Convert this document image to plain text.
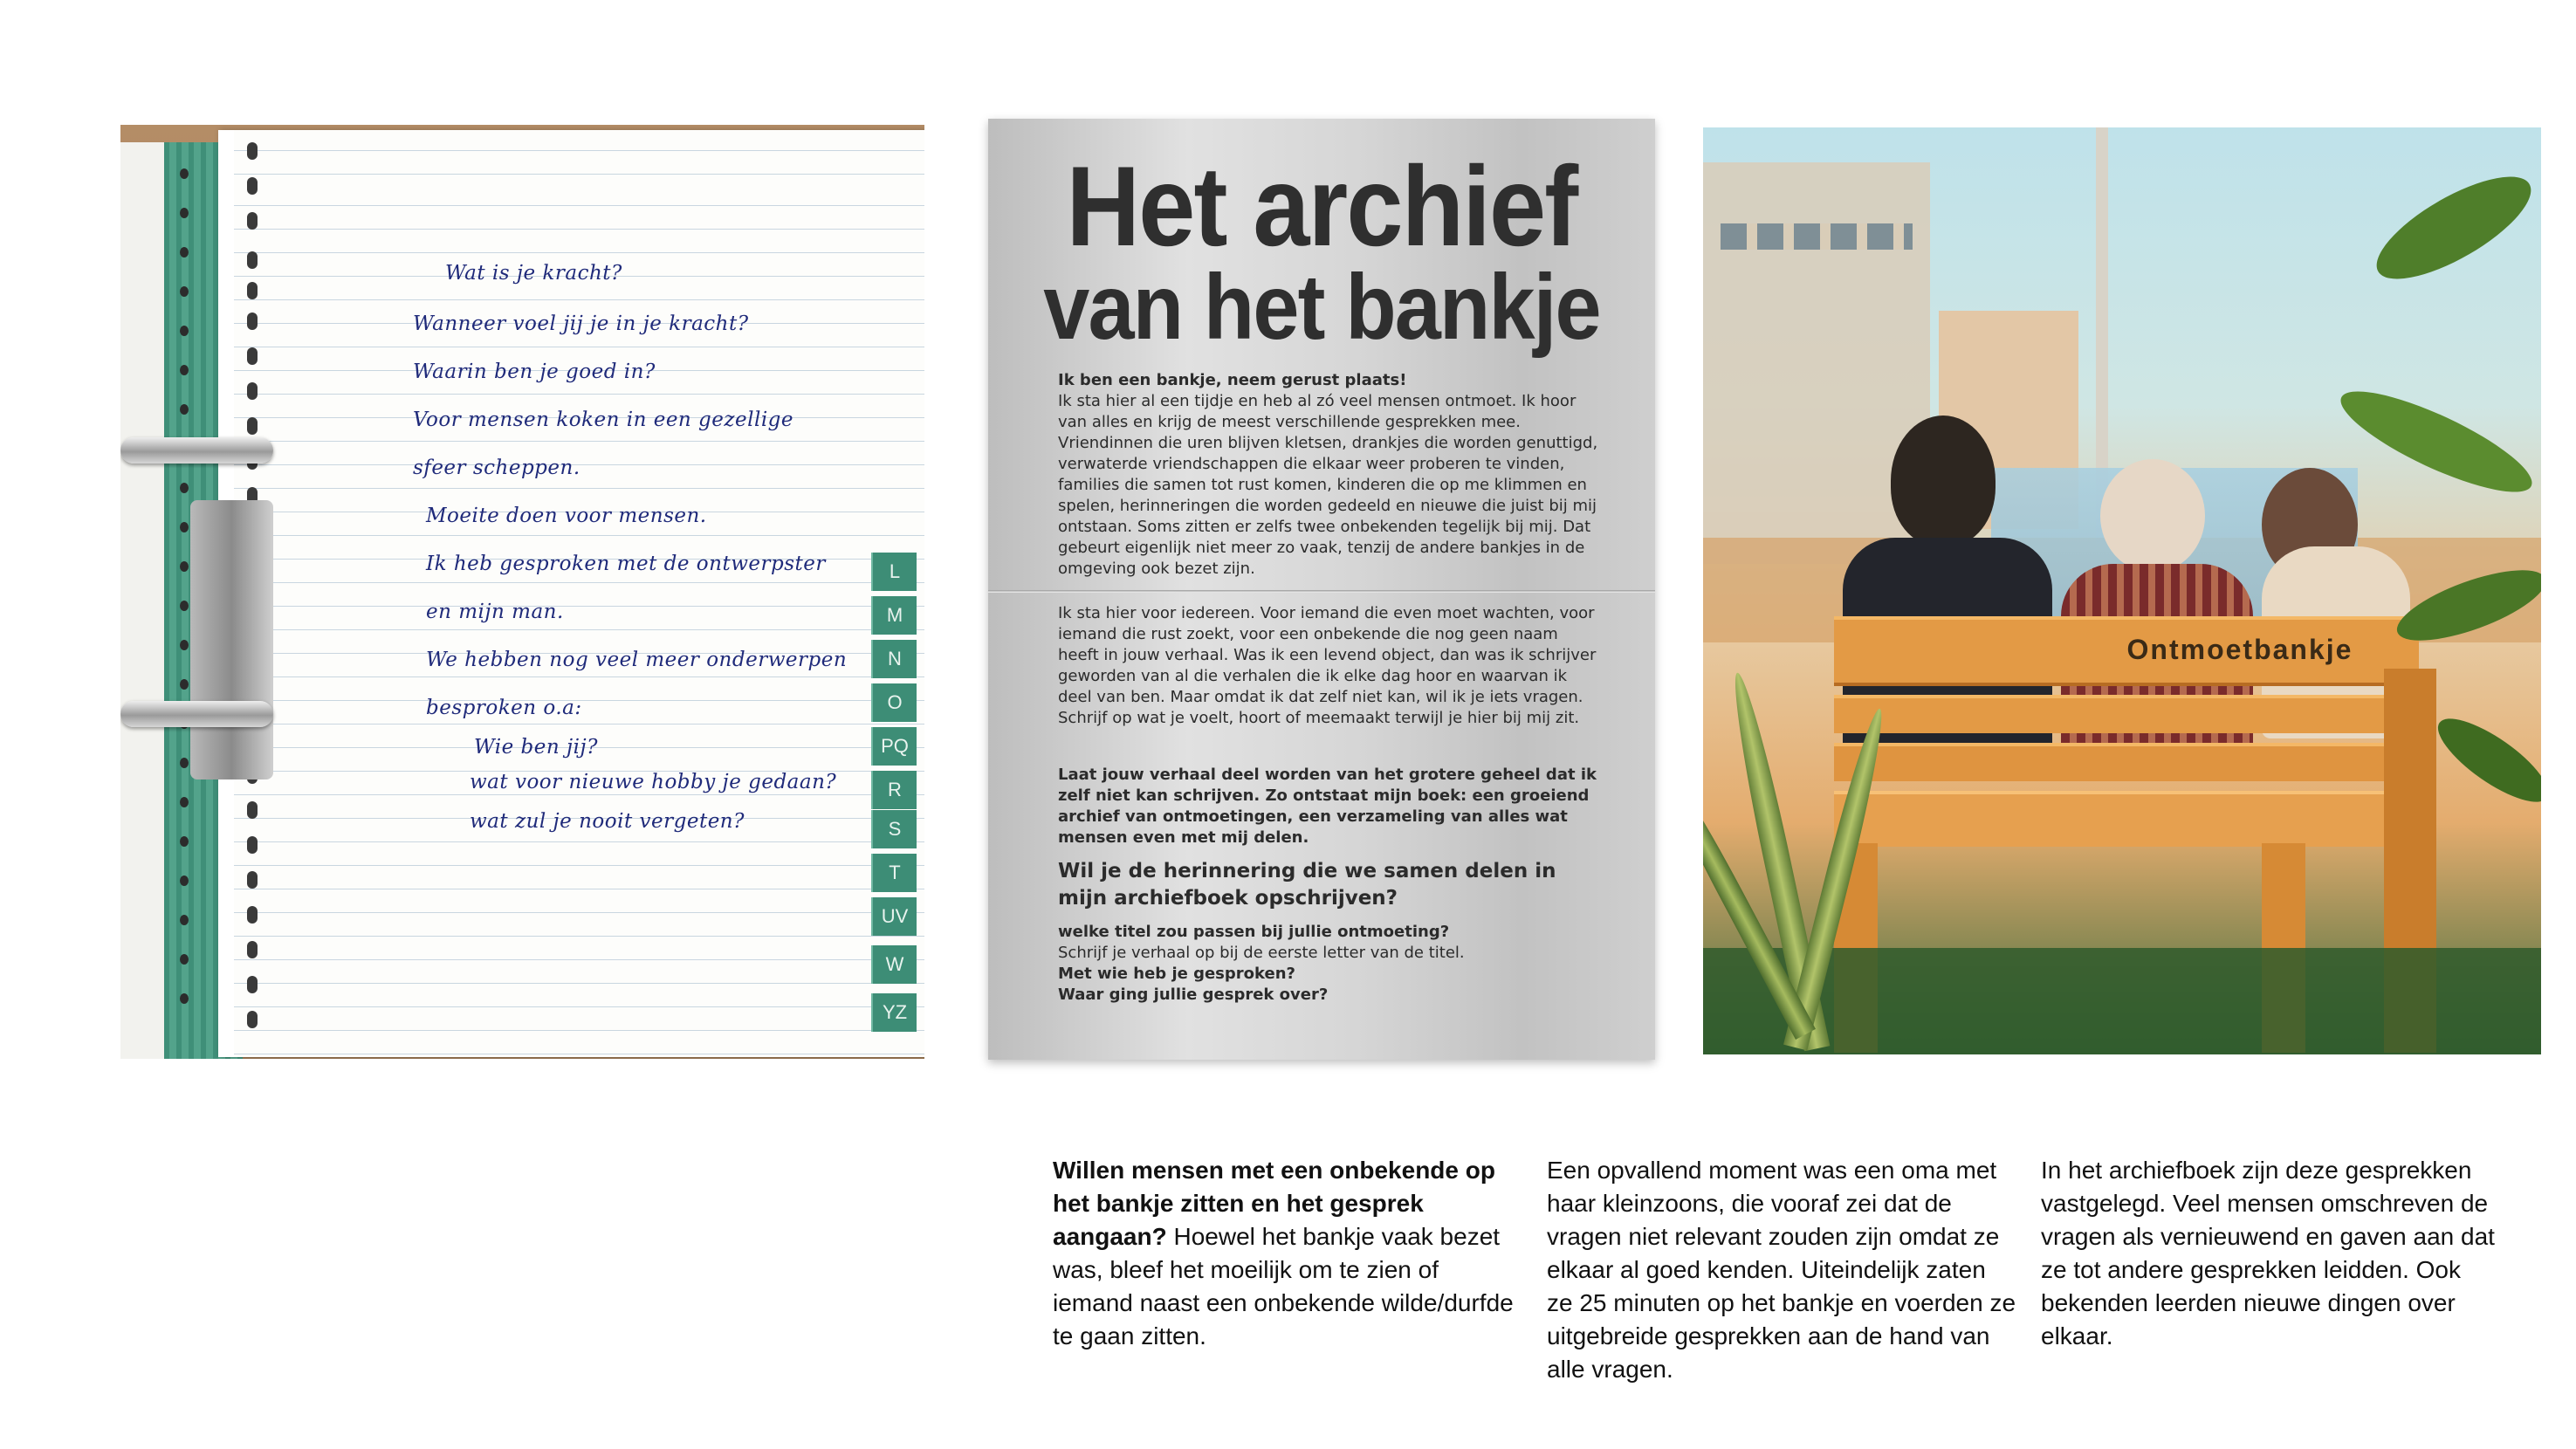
L
M
N
O
PQ
R
S
T
UV
W
YZ
Wat is je kracht?
Wanneer voel jij je in je kracht?
Waarin ben je goed in?
Voor mensen koken in een gezellige
sfeer scheppen.
Moeite doen voor mensen.
Ik heb gesproken met de ontwerpster
en mijn man.
We hebben nog veel meer onderwerpen
besproken o.a:
Wie ben jij?
wat voor nieuwe hobby je gedaan?
wat zul je nooit vergeten?
Het archief
van het bankje
Ik ben een bankje, neem gerust plaats!
Ik sta hier al een tijdje en heb al zó veel mensen ontmoet. Ik hoor van alles en krijg de meest verschillende gesprekken mee. Vriendinnen die uren blijven kletsen, drankjes die worden genuttigd, verwaterde vriendschappen die elkaar weer proberen te vinden, families die samen tot rust komen, kinderen die op me klimmen en spelen, herinneringen die worden gedeeld en nieuwe die juist bij mij ontstaan. Soms zitten er zelfs twee onbekenden tegelijk bij mij. Dat gebeurt eigenlijk niet meer zo vaak, tenzij de andere bankjes in de omgeving ook bezet zijn.
Ik sta hier voor iedereen. Voor iemand die even moet wachten, voor iemand die rust zoekt, voor een onbekende die nog geen naam heeft in jouw verhaal. Was ik een levend object, dan was ik schrijver geworden van al die verhalen die ik elke dag hoor en waarvan ik deel van ben. Maar omdat ik dat zelf niet kan, wil ik je iets vragen. Schrijf op wat je voelt, hoort of meemaakt terwijl je hier bij mij zit.
Laat jouw verhaal deel worden van het grotere geheel dat ik zelf niet kan schrijven. Zo ontstaat mijn boek: een groeiend archief van ontmoetingen, een verzameling van alles wat mensen even met mij delen.
Wil je de herinnering die we samen delen in mijn archiefboek opschrijven?
welke titel zou passen bij jullie ontmoeting?
Schrijf je verhaal op bij de eerste letter van de titel.
Met wie heb je gesproken?
Waar ging jullie gesprek over?
Ontmoetbankje
Willen mensen met een onbekende op het bankje zitten en het gesprek aangaan? Hoewel het bankje vaak bezet was, bleef het moeilijk om te zien of iemand naast een onbekende wilde/durfde te gaan zitten.
Een opvallend moment was een oma met haar kleinzoons, die vooraf zei dat de vragen niet relevant zouden zijn omdat ze elkaar al goed kenden. Uiteindelijk zaten ze 25 minuten op het bankje en voerden ze uitgebreide gesprekken aan de hand van alle vragen.
In het archiefboek zijn deze gesprekken vastgelegd. Veel mensen omschreven de vragen als vernieuwend en gaven aan dat ze tot andere gesprekken leidden. Ook bekenden leerden nieuwe dingen over elkaar.
